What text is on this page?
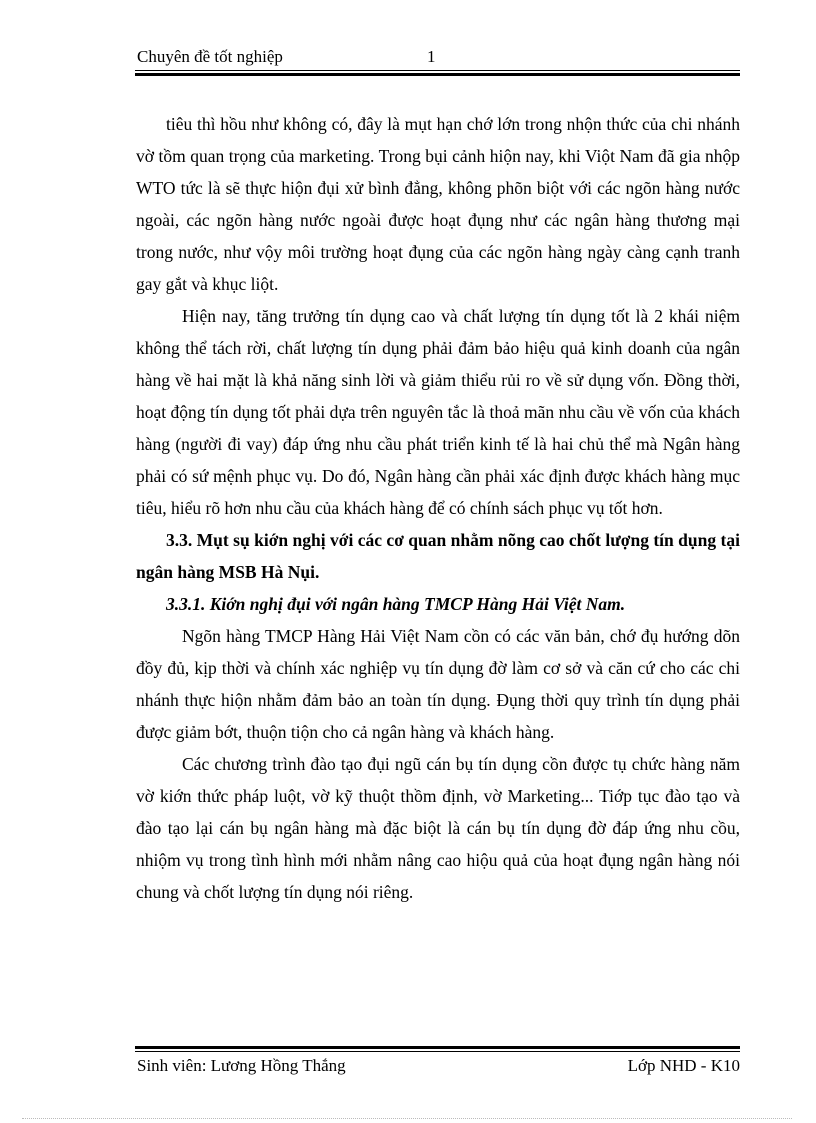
Chuyên đề tốt nghiệp	1

tiêu thì hồu như không có, đây là mụt hạn chớ lớn trong nhộn thức của chi nhánh vờ tồm quan trọng của marketing. Trong bụi cảnh hiộn nay, khi Viột Nam đã gia nhộp WTO tức là sẽ thực hiộn đụi xử bình đẳng, không phõn biột với các ngõn hàng nước ngoài, các ngõn hàng nước ngoài được hoạt đụng như các ngân hàng thương mại trong nước, như vộy môi trường hoạt đụng của các ngõn hàng ngày càng cạnh tranh gay gắt và khục liột.

Hiện nay, tăng trưởng tín dụng cao và chất lượng tín dụng tốt là 2 khái niệm không thể tách rời, chất lượng tín dụng phải đảm bảo hiệu quả kinh doanh của ngân hàng về hai mặt là khả năng sinh lời và giảm thiểu rủi ro về sử dụng vốn. Đồng thời, hoạt động tín dụng tốt phải dựa trên nguyên tắc là thoả mãn nhu cầu về vốn của khách hàng (người đi vay) đáp ứng nhu cầu phát triển kinh tế là hai chủ thể mà Ngân hàng phải có sứ mệnh phục vụ. Do đó, Ngân hàng cần phải xác định được khách hàng mục tiêu, hiểu rõ hơn nhu cầu của khách hàng để có chính sách phục vụ tốt hơn.

3.3. Mụt sụ kiớn nghị với các cơ quan nhằm nõng cao chốt lượng tín dụng tại ngân hàng MSB Hà Nụi.
3.3.1. Kiớn nghị đụi với ngân hàng TMCP Hàng Hải Việt Nam.

Ngõn hàng TMCP Hàng Hải Việt Nam cồn có các văn bản, chớ đụ hướng dõn đồy đủ, kịp thời và chính xác nghiệp vụ tín dụng đờ làm cơ sở và căn cứ cho các chi nhánh thực hiộn nhằm đảm bảo an toàn tín dụng. Đụng thời quy trình tín dụng phải được giảm bớt, thuộn tiộn cho cả ngân hàng và khách hàng.

Các chương trình đào tạo đụi ngũ cán bụ tín dụng cồn được tụ chức hàng năm vờ kiớn thức pháp luột, vờ kỹ thuột thồm định, vờ Marketing... Tiớp tục đào tạo và đào tạo lại cán bụ ngân hàng mà đặc biột là cán bụ tín dụng đờ đáp ứng nhu cồu, nhiộm vụ trong tình hình mới nhằm nâng cao hiộu quả của hoạt đụng ngân hàng nói chung và chốt lượng tín dụng nói riêng.

Sinh viên: Lương Hồng Thắng	Lớp NHD - K10
